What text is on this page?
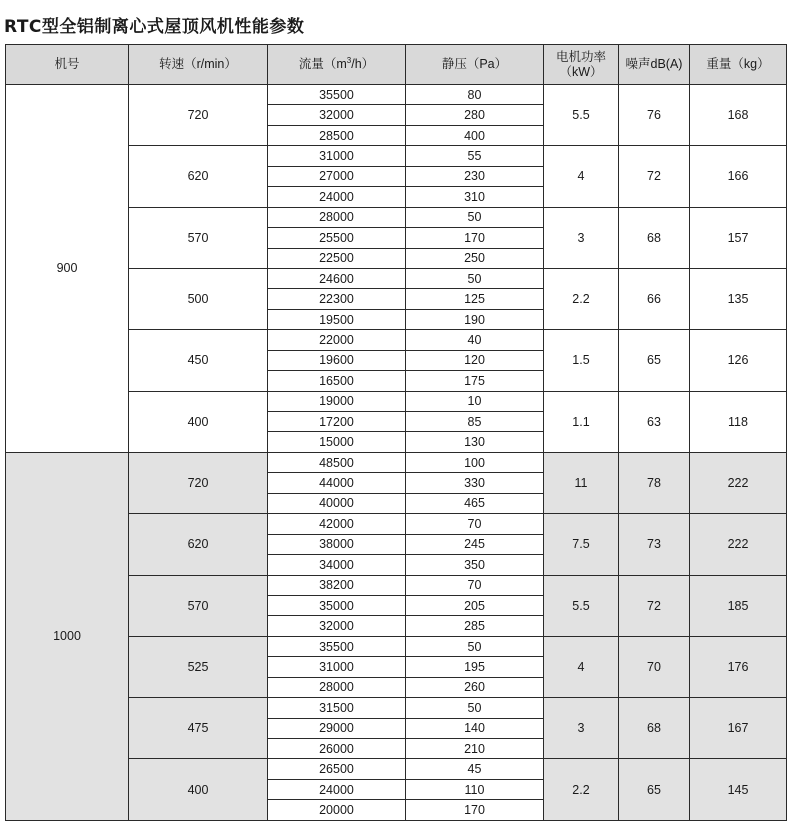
RTC型全铝制离心式屋顶风机性能参数
机号	转速（r/min）	流量$(m^3/h)$	静压（Pa）	电机功率（kW）	噪声dB(A)	重量（kg）
900	720	35500	80	5.5	76	168
		32000	280			
		28500	400			
	620	31000	55	4	72	166
		27000	230			
		24000	310			
	570	28000	50	3	68	157
		25500	170			
		22500	250			
	500	24600	50	2.2	66	135
		22300	125			
		19500	190			
	450	22000	40	1.5	65	126
		19600	120			
		16500	175			
	400	19000	10	1.1	63	118
		17200	85			
		15000	130			
1000	720	48500	100	11	78	222
		44000	330			
		40000	465			
	620	42000	70	7.5	73	222
		38000	245			
		34000	350			
	570	38200	70	5.5	72	185
		35000	205			
		32000	285			
	525	35500	50	4	70	176
		31000	195			
		28000	260			
	475	31500	50	3	68	167
		29000	140			
		26000	210			
	400	26500	45	2.2	65	145
		24000	110			
		20000	170			
